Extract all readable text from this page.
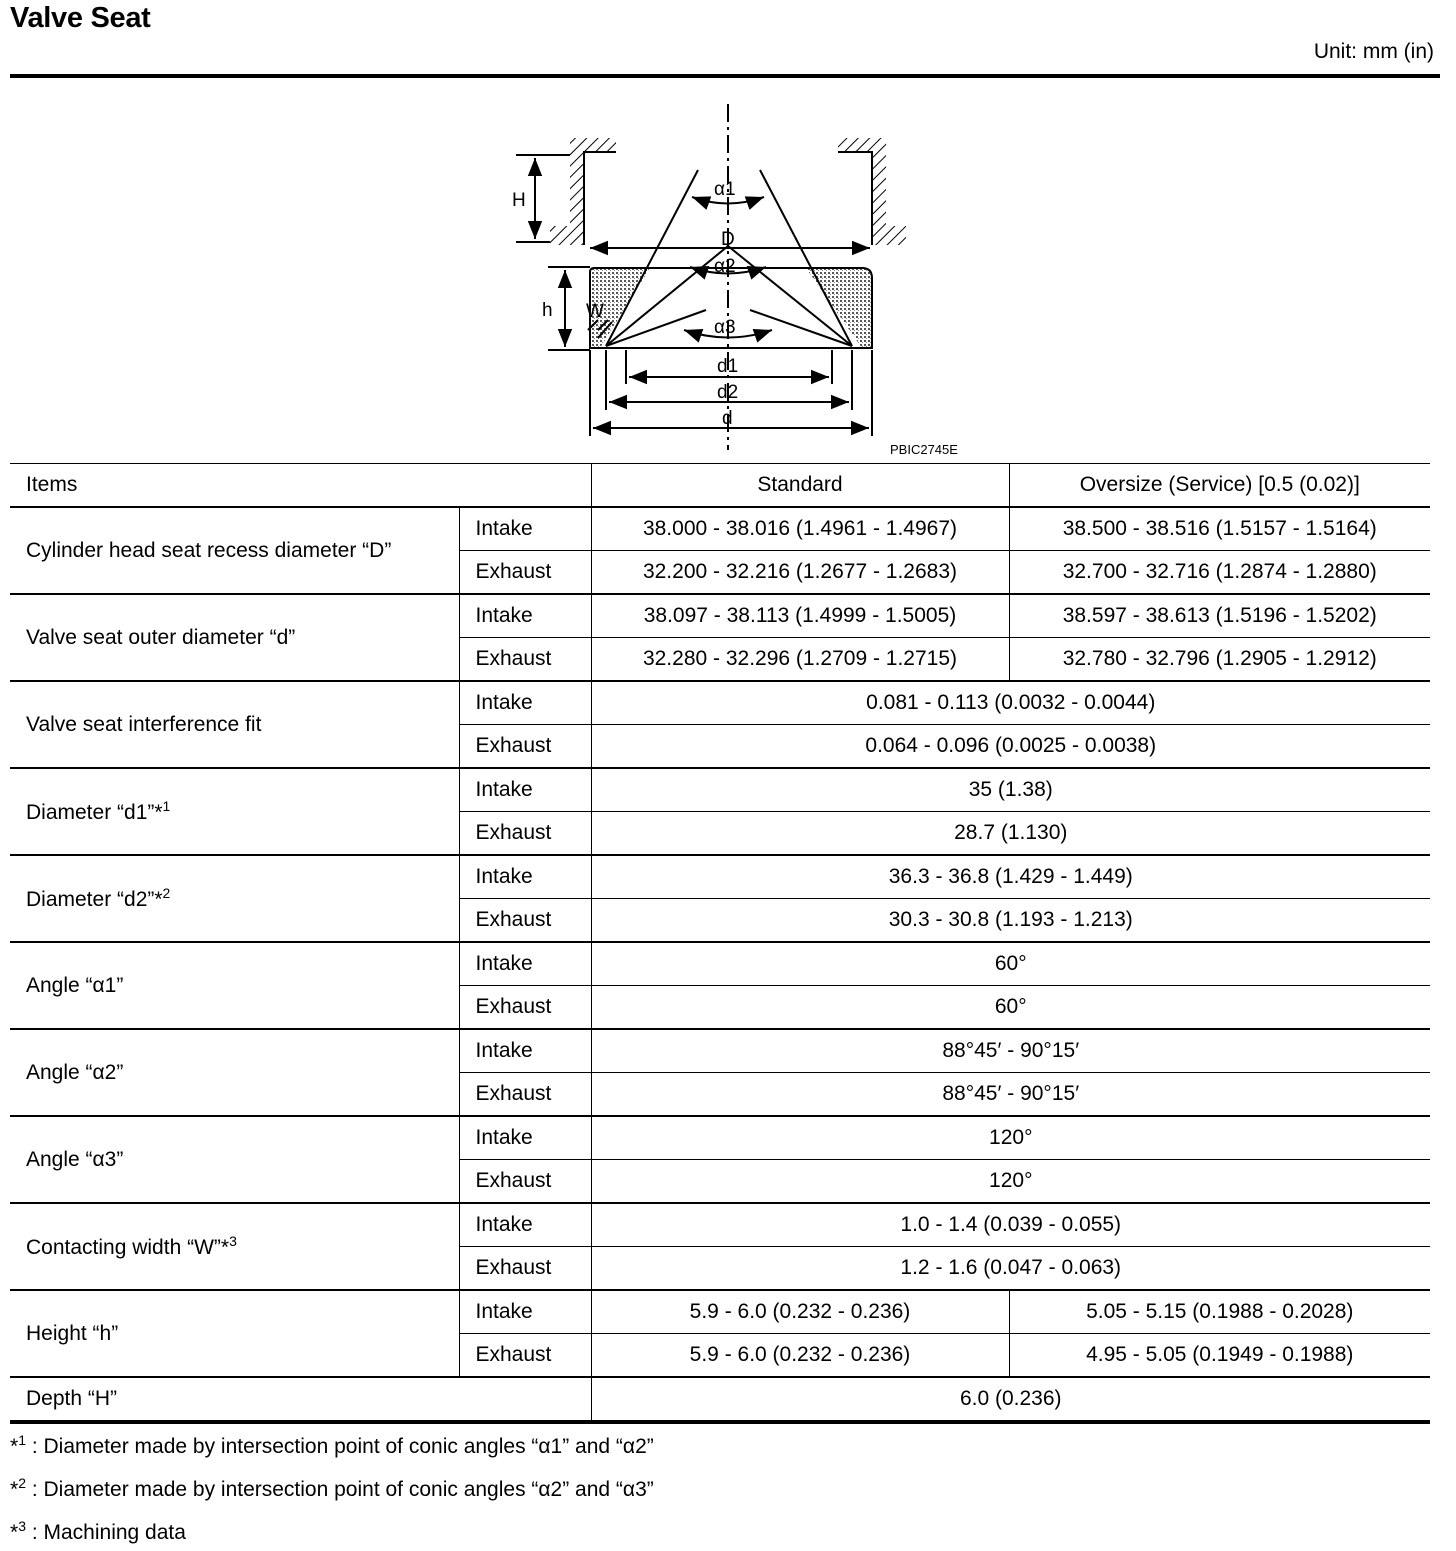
Valve Seat
Unit: mm (in)
H
h W
D
d1
d2
d
α1
α2
α3
PBIC2745E
Items		Standard	Oversize (Service) [0.5 (0.02)]
Cylinder head seat recess diameter “D”	Intake	38.000 - 38.016 (1.4961 - 1.4967)	38.500 - 38.516 (1.5157 - 1.5164)
	Exhaust	32.200 - 32.216 (1.2677 - 1.2683)	32.700 - 32.716 (1.2874 - 1.2880)
Valve seat outer diameter “d”	Intake	38.097 - 38.113 (1.4999 - 1.5005)	38.597 - 38.613 (1.5196 - 1.5202)
	Exhaust	32.280 - 32.296 (1.2709 - 1.2715)	32.780 - 32.796 (1.2905 - 1.2912)
Valve seat interference fit	Intake	0.081 - 0.113 (0.0032 - 0.0044)	
	Exhaust	0.064 - 0.096 (0.0025 - 0.0038)	
Diameter “d1”*$^1$	Intake	35 (1.38)	
	Exhaust	28.7 (1.130)	
Diameter “d2”*$^2$	Intake	36.3 - 36.8 (1.429 - 1.449)	
	Exhaust	30.3 - 30.8 (1.193 - 1.213)	
Angle “α1”	Intake	60°	
	Exhaust	60°	
Angle “α2”	Intake	88°45′ - 90°15′	
	Exhaust	88°45′ - 90°15′	
Angle “α3”	Intake	120°	
	Exhaust	120°	
Contacting width “W”*$^3$	Intake	1.0 - 1.4 (0.039 - 0.055)	
	Exhaust	1.2 - 1.6 (0.047 - 0.063)	
Height “h”	Intake	5.9 - 6.0 (0.232 - 0.236)	5.05 - 5.15 (0.1988 - 0.2028)
	Exhaust	5.9 - 6.0 (0.232 - 0.236)	4.95 - 5.05 (0.1949 - 0.1988)
Depth “H”		6.0 (0.236)	
*$^1$ : Diameter made by intersection point of conic angles “α1” and “α2”
*$^2$ : Diameter made by intersection point of conic angles “α2” and “α3”
*$^3$ : Machining data
